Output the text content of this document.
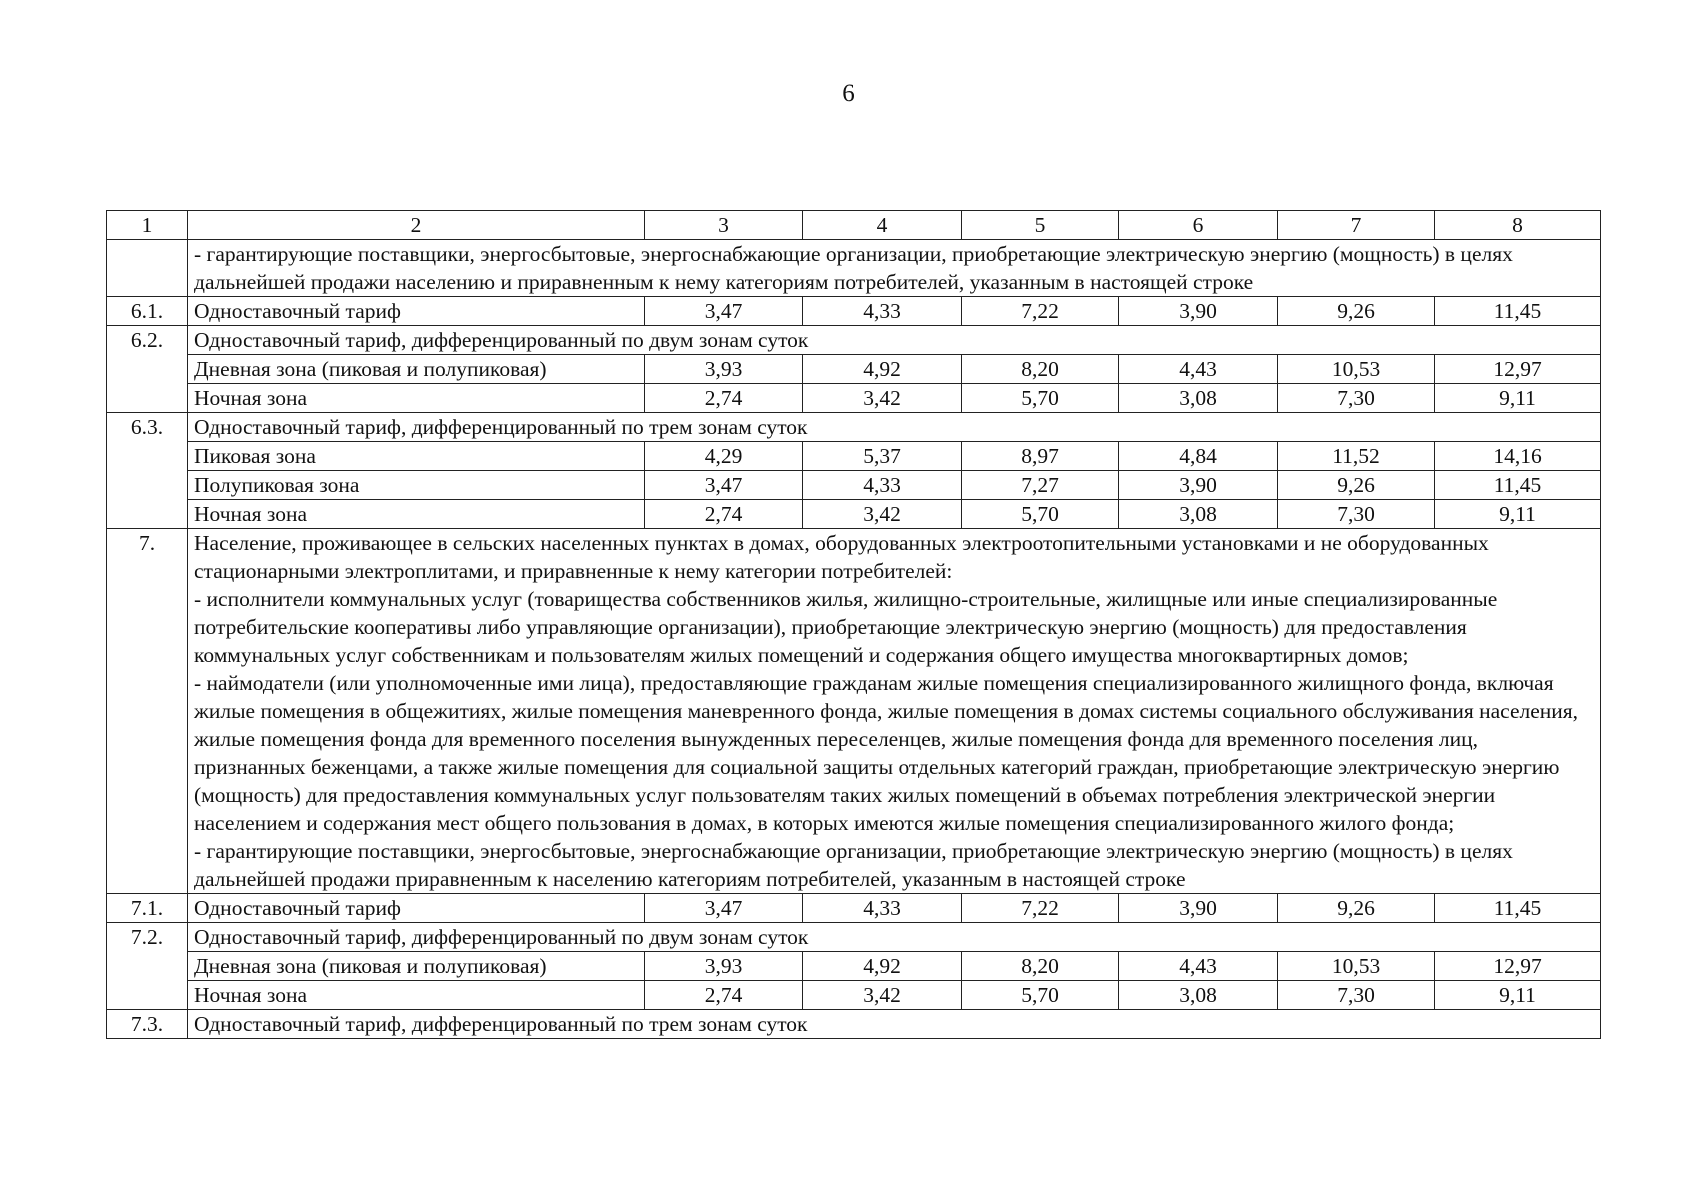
6
1	2	3	4	5	6	7	8
	- гарантирующие поставщики, энергосбытовые, энергоснабжающие организации, приобретающие электрическую энергию (мощность) в целях дальнейшей продажи населению и приравненным к нему категориям потребителей, указанным в настоящей строке						
6.1.	Одноставочный тариф	3,47	4,33	7,22	3,90	9,26	11,45
6.2.	Одноставочный тариф, дифференцированный по двум зонам суток						
	Дневная зона (пиковая и полупиковая)	3,93	4,92	8,20	4,43	10,53	12,97
	Ночная зона	2,74	3,42	5,70	3,08	7,30	9,11
6.3.	Одноставочный тариф, дифференцированный по трем зонам суток						
	Пиковая зона	4,29	5,37	8,97	4,84	11,52	14,16
	Полупиковая зона	3,47	4,33	7,27	3,90	9,26	11,45
	Ночная зона	2,74	3,42	5,70	3,08	7,30	9,11
7.	Население, проживающее в сельских населенных пунктах в домах, оборудованных электроотопительными установками и не оборудованных стационарными электроплитами, и приравненные к нему категории потребителей:
- исполнители коммунальных услуг (товарищества собственников жилья, жилищно-строительные, жилищные или иные специализированные потребительские кооперативы либо управляющие организации), приобретающие электрическую энергию (мощность) для предоставления коммунальных услуг собственникам и пользователям жилых помещений и содержания общего имущества многоквартирных домов;
- наймодатели (или уполномоченные ими лица), предоставляющие гражданам жилые помещения специализированного жилищного фонда, включая жилые помещения в общежитиях, жилые помещения маневренного фонда, жилые помещения в домах системы социального обслуживания населения, жилые помещения фонда для временного поселения вынужденных переселенцев, жилые помещения фонда для временного поселения лиц, признанных беженцами, а также жилые помещения для социальной защиты отдельных категорий граждан, приобретающие электрическую энергию (мощность) для предоставления коммунальных услуг пользователям таких жилых помещений в объемах потребления электрической энергии населением и содержания мест общего пользования в домах, в которых имеются жилые помещения специализированного жилого фонда;
- гарантирующие поставщики, энергосбытовые, энергоснабжающие организации, приобретающие электрическую энергию (мощность) в целях дальнейшей продажи приравненным к населению категориям потребителей, указанным в настоящей строке						

7.1.	Одноставочный тариф	3,47	4,33	7,22	3,90	9,26	11,45
7.2.	Одноставочный тариф, дифференцированный по двум зонам суток						
	Дневная зона (пиковая и полупиковая)	3,93	4,92	8,20	4,43	10,53	12,97
	Ночная зона	2,74	3,42	5,70	3,08	7,30	9,11
7.3.	Одноставочный тариф, дифференцированный по трем зонам суток						
